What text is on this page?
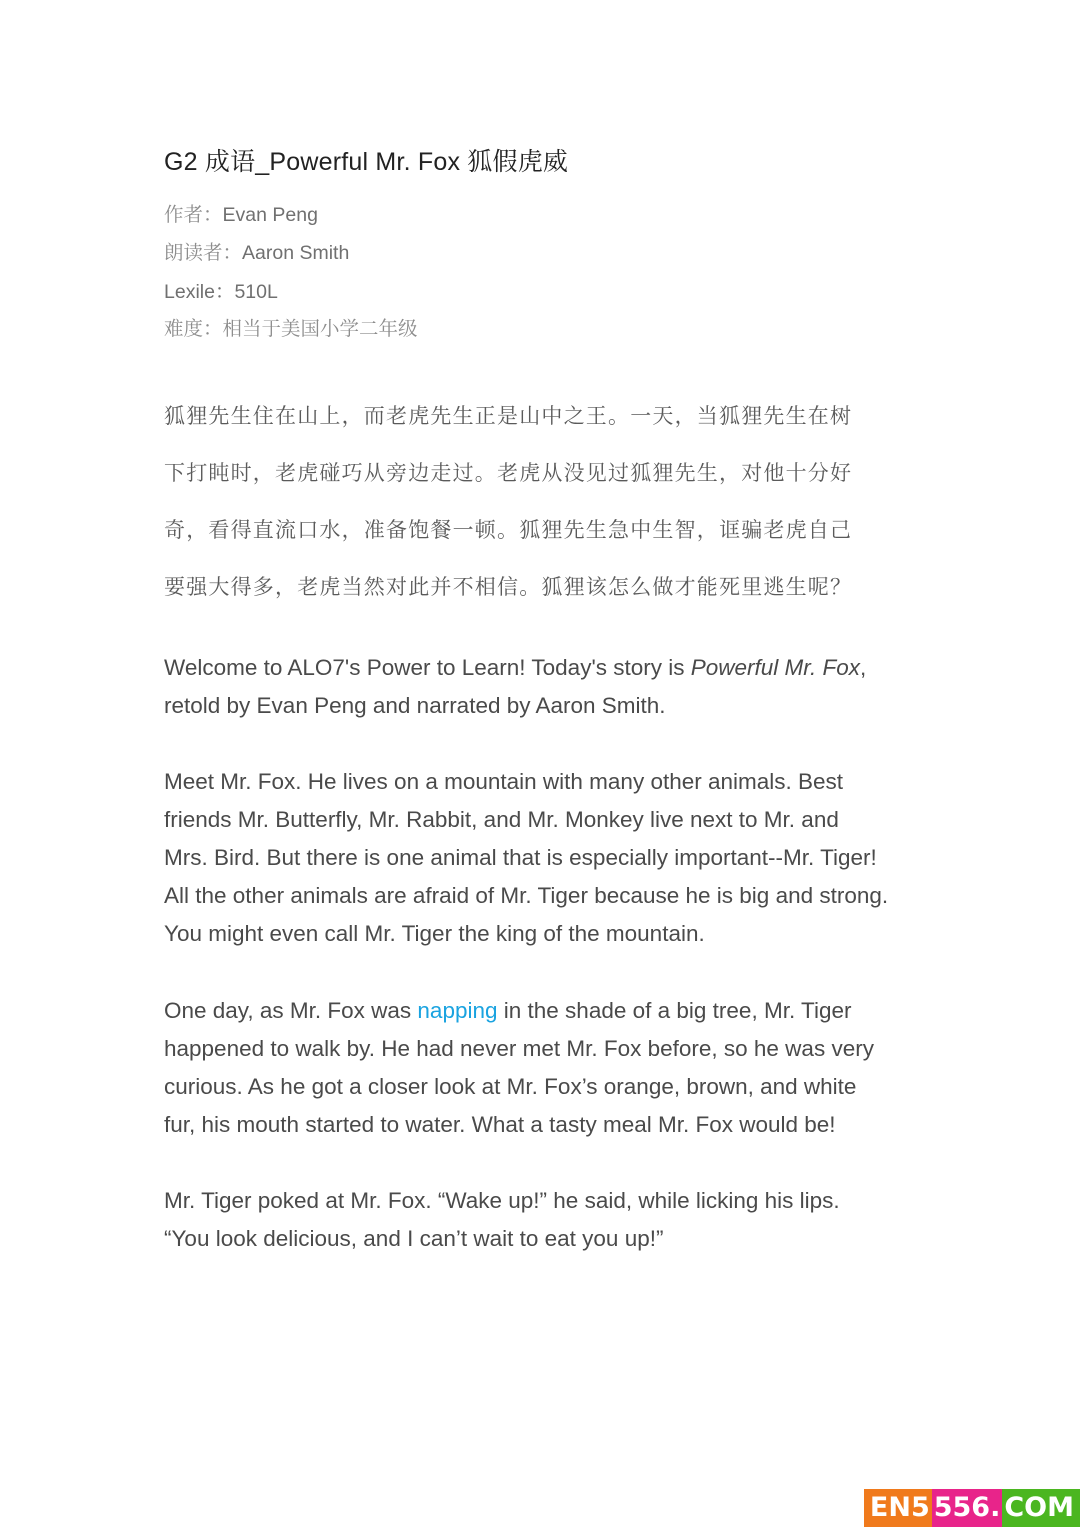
G2 成语_Powerful Mr. Fox 狐假虎威
作者：Evan Peng
朗读者：Aaron Smith
Lexile：510L
难度：相当于美国小学二年级
狐狸先生住在山上，而老虎先生正是山中之王。一天，当狐狸先生在树
下打盹时，老虎碰巧从旁边走过。老虎从没见过狐狸先生，对他十分好
奇，看得直流口水，准备饱餐一顿。狐狸先生急中生智，诓骗老虎自己
要强大得多，老虎当然对此并不相信。狐狸该怎么做才能死里逃生呢？
Welcome to ALO7's Power to Learn! Today's story is Powerful Mr. Fox,
retold by Evan Peng and narrated by Aaron Smith.
Meet Mr. Fox. He lives on a mountain with many other animals. Best
friends Mr. Butterfly, Mr. Rabbit, and Mr. Monkey live next to Mr. and
Mrs. Bird. But there is one animal that is especially important--Mr. Tiger!
All the other animals are afraid of Mr. Tiger because he is big and strong.
You might even call Mr. Tiger the king of the mountain.
One day, as Mr. Fox was napping in the shade of a big tree, Mr. Tiger
happened to walk by. He had never met Mr. Fox before, so he was very
curious. As he got a closer look at Mr. Fox’s orange, brown, and white
fur, his mouth started to water. What a tasty meal Mr. Fox would be!
Mr. Tiger poked at Mr. Fox. “Wake up!” he said, while licking his lips.
“You look delicious, and I can’t wait to eat you up!”
EN5 556. COM
